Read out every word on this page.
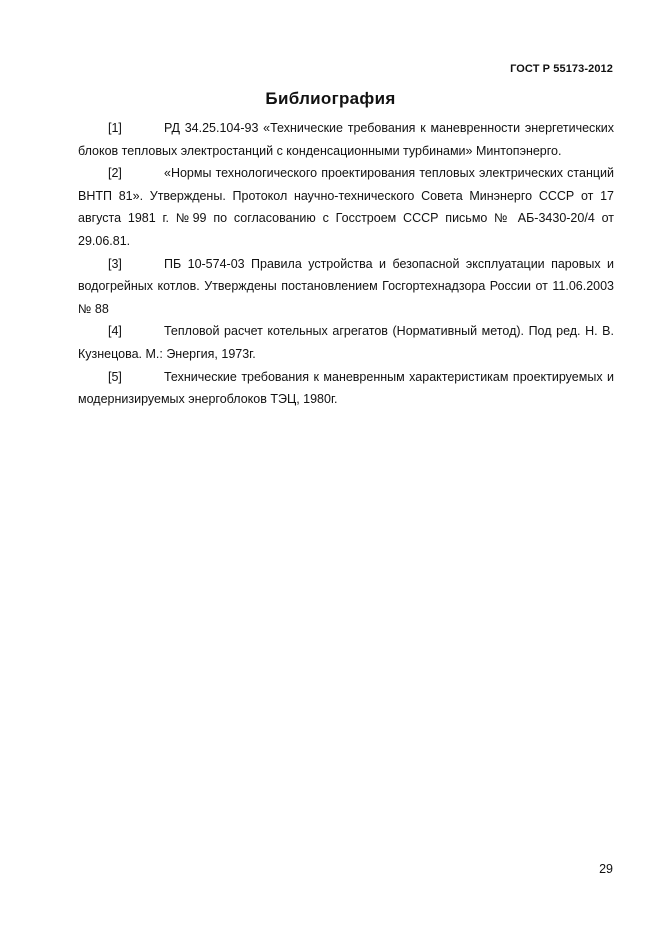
ГОСТ Р 55173-2012
Библиография

[1]	РД 34.25.104-93 «Технические требования к маневренности энергетических блоков тепловых электростанций с конденсационными турбинами» Минтопэнерго.

[2]	«Нормы технологического проектирования тепловых электрических станций ВНТП 81». Утверждены. Протокол научно-технического Совета Минэнерго СССР от 17 августа 1981 г. №99 по согласованию с Госстроем СССР письмо № АБ-3430-20/4 от 29.06.81.

[3]	ПБ 10-574-03 Правила устройства и безопасной эксплуатации паровых и водогрейных котлов. Утверждены постановлением Госгортехнадзора России от 11.06.2003 № 88

[4]	Тепловой расчет котельных агрегатов (Нормативный метод). Под ред. Н. В. Кузнецова. М.: Энергия, 1973г.

[5]	Технические требования к маневренным характеристикам проектируемых и модернизируемых энергоблоков ТЭЦ, 1980г.

29
